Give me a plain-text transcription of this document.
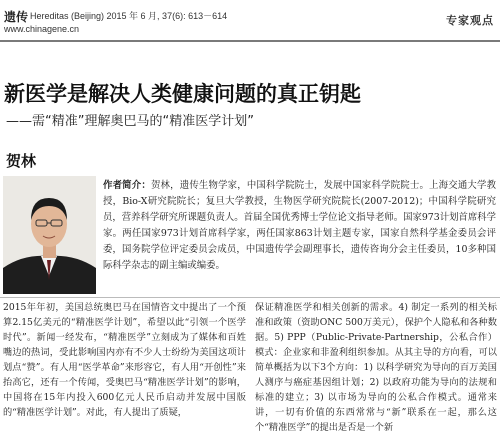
遗传 Hereditas (Beijing) 2015 年 6 月, 37(6): 613－614
www.chinagene.cn
专家观点
新医学是解决人类健康问题的真正钥匙
——需“精准”理解奥巴马的“精准医学计划”
贺林
作者简介：贺林，遗传生物学家，中国科学院院士，发展中国家科学院院士。上海交通大学教授，Bio-X研究院院长；复旦大学教授，生物医学研究院院长(2007-2012)；中国科学院研究员，营养科学研究所课题负责人。首届全国优秀博士学位论文指导老师。国家973计划首席科学家。两任国家973计划首席科学家，两任国家863计划主题专家，国家自然科学基金委员会评委，国务院学位评定委员会成员，中国遗传学会副理事长，遗传咨询分会主任委员，10多种国际科学杂志的副主编或编委。

2015年年初，美国总统奥巴马在国情咨文中提出了一个预算2.15亿美元的“精准医学计划”，希望以此“引领一个医学时代”。新闻一经发布，“精准医学”立刻成为了媒体和百姓嘴边的热词，受此影响国内亦有不少人士纷纷为美国这项计划点“赞”。有人用“医学革命”来形容它，有人用“开创性”来抬高它，还有一个传闻，受奥巴马“精准医学计划”的影响，中国将在15年内投入600亿元人民币启动并发展中国版的“精准医学计划”。对此，有人提出了质疑，

保证精准医学和相关创新的需求。4) 制定一系列的相关标准和政策（资助ONC 500万美元），保护个人隐私和各种数据。5) PPP（Public-Private-Partnership，公私合作）模式：企业家和非盈利组织参加。从其主导的方向看，可以简单概括为以下3个方向：1) 以科学研究为导向的百万美国人测序与癌症基因组计划；2) 以政府功能为导向的法规和标准的建立；3) 以市场为导向的公私合作模式。通常来讲，一切有价值的东西常常与“新”联系在一起，那么这个“精准医学”的提出是否是一个新
